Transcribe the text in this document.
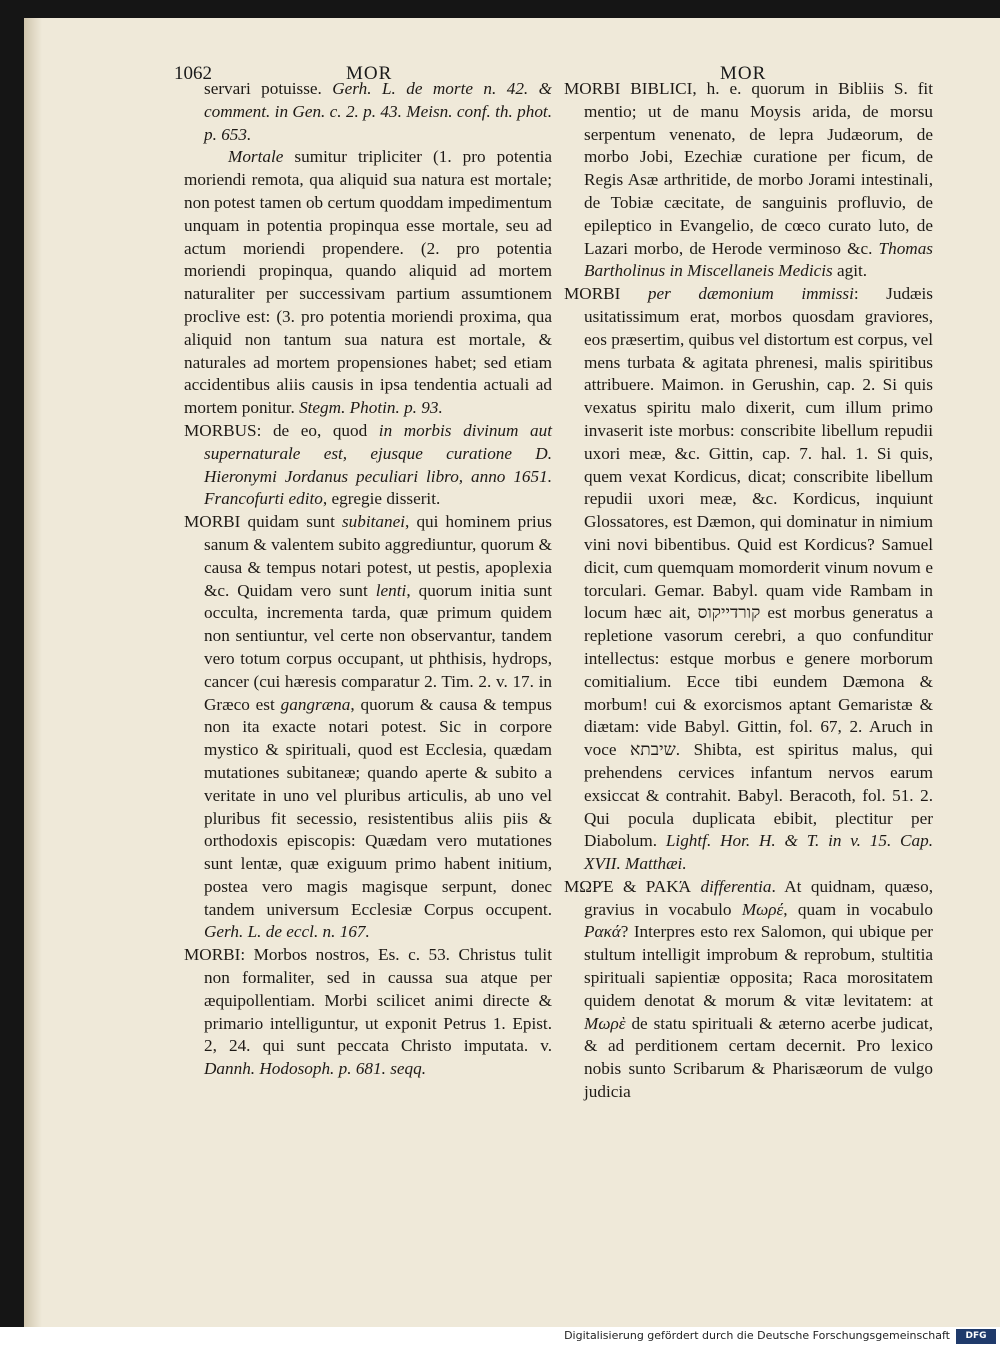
1062	MOR	MOR

servari potuisse. Gerh. L. de morte n. 42. & comment. in Gen. c. 2. p. 43. Meisn. conf. th. phot. p. 653.

Mortale sumitur tripliciter (1. pro potentia moriendi remota, qua aliquid sua natura est mortale; non potest tamen ob certum quoddam impedimentum unquam in potentia propinqua esse mortale, seu ad actum moriendi propendere. (2. pro potentia moriendi propinqua, quando aliquid ad mortem naturaliter per successivam partium assumtionem proclive est: (3. pro potentia moriendi proxima, qua aliquid non tantum sua natura est mortale, & naturales ad mortem propensiones habet; sed etiam accidentibus aliis causis in ipsa tendentia actuali ad mortem ponitur. Stegm. Photin. p. 93.

MORBUS: de eo, quod in morbis divinum aut supernaturale est, ejusque curatione D. Hieronymi Jordanus peculiari libro, anno 1651. Francofurti edito, egregie disserit.

MORBI quidam sunt subitanei, qui hominem prius sanum & valentem subito aggrediuntur, quorum & causa & tempus notari potest, ut pestis, apoplexia &c. Quidam vero sunt lenti, quorum initia sunt occulta, incrementa tarda, quæ primum quidem non sentiuntur, vel certe non observantur, tandem vero totum corpus occupant, ut phthisis, hydrops, cancer (cui hæresis comparatur 2. Tim. 2. v. 17. in Græco est gangræna, quorum & causa & tempus non ita exacte notari potest. Sic in corpore mystico & spirituali, quod est Ecclesia, quædam mutationes subitaneæ; quando aperte & subito a veritate in uno vel pluribus articulis, ab uno vel pluribus fit secessio, resistentibus aliis piis & orthodoxis episcopis: Quædam vero mutationes sunt lentæ, quæ exiguum primo habent initium, postea vero magis magisque serpunt, donec tandem universum Ecclesiæ Corpus occupent. Gerh. L. de eccl. n. 167.

MORBI: Morbos nostros, Es. c. 53. Christus tulit non formaliter, sed in caussa sua atque per æquipollentiam. Morbi scilicet animi directe & primario intelliguntur, ut exponit Petrus 1. Epist. 2, 24. qui sunt peccata Christo imputata. v. Dannh. Hodosoph. p. 681. seqq.

MORBI BIBLICI, h. e. quorum in Bibliis S. fit mentio; ut de manu Moysis arida, de morsu serpentum venenato, de lepra Judæorum, de morbo Jobi, Ezechiæ curatione per ficum, de Regis Asæ arthritide, de morbo Jorami intestinali, de Tobiæ cæcitate, de sanguinis profluvio, de epileptico in Evangelio, de cœco curato luto, de Lazari morbo, de Herode verminoso &c. Thomas Bartholinus in Miscellaneis Medicis agit.

MORBI per dæmonium immissi: Judæis usitatissimum erat, morbos quosdam graviores, eos præsertim, quibus vel distortum est corpus, vel mens turbata & agitata phrenesi, malis spiritibus attribuere. Maimon. in Gerushin, cap. 2. Si quis vexatus spiritu malo dixerit, cum illum primo invaserit iste morbus: conscribite libellum repudii uxori meæ, &c. Gittin, cap. 7. hal. 1. Si quis, quem vexat Kordicus, dicat; conscribite libellum repudii uxori meæ, &c. Kordicus, inquiunt Glossatores, est Dæmon, qui dominatur in nimium vini novi bibentibus. Quid est Kordicus? Samuel dicit, cum quemquam momorderit vinum novum e torculari. Gemar. Babyl. quam vide Rambam in locum hæc ait, קורדייקוס est morbus generatus a repletione vasorum cerebri, a quo confunditur intellectus: estque morbus e genere morborum comitialium. Ecce tibi eundem Dæmona & morbum! cui & exorcismos aptant Gemaristæ & diætam: vide Babyl. Gittin, fol. 67, 2. Aruch in voce שיבתא. Shibta, est spiritus malus, qui prehendens cervices infantum nervos earum exsiccat & contrahit. Babyl. Beracoth, fol. 51. 2. Qui pocula duplicata ebibit, plectitur per Diabolum. Lightf. Hor. H. & T. in v. 15. Cap. XVII. Matthæi.

ΜΩΡΈ & ΡΑΚΆ differentia. At quidnam, quæso, gravius in vocabulo Μωρέ, quam in vocabulo Ρακά? Interpres esto rex Salomon, qui ubique per stultum intelligit improbum & reprobum, stultitia spirituali sapientiæ opposita; Raca morositatem quidem denotat & morum & vitæ levitatem: at Μωρὲ de statu spirituali & æterno acerbe judicat, & ad perditionem certam decernit. Pro lexico nobis sunto Scribarum & Pharisæorum de vulgo judicia

Digitalisierung gefördert durch die Deutsche Forschungsgemeinschaft	DFG
